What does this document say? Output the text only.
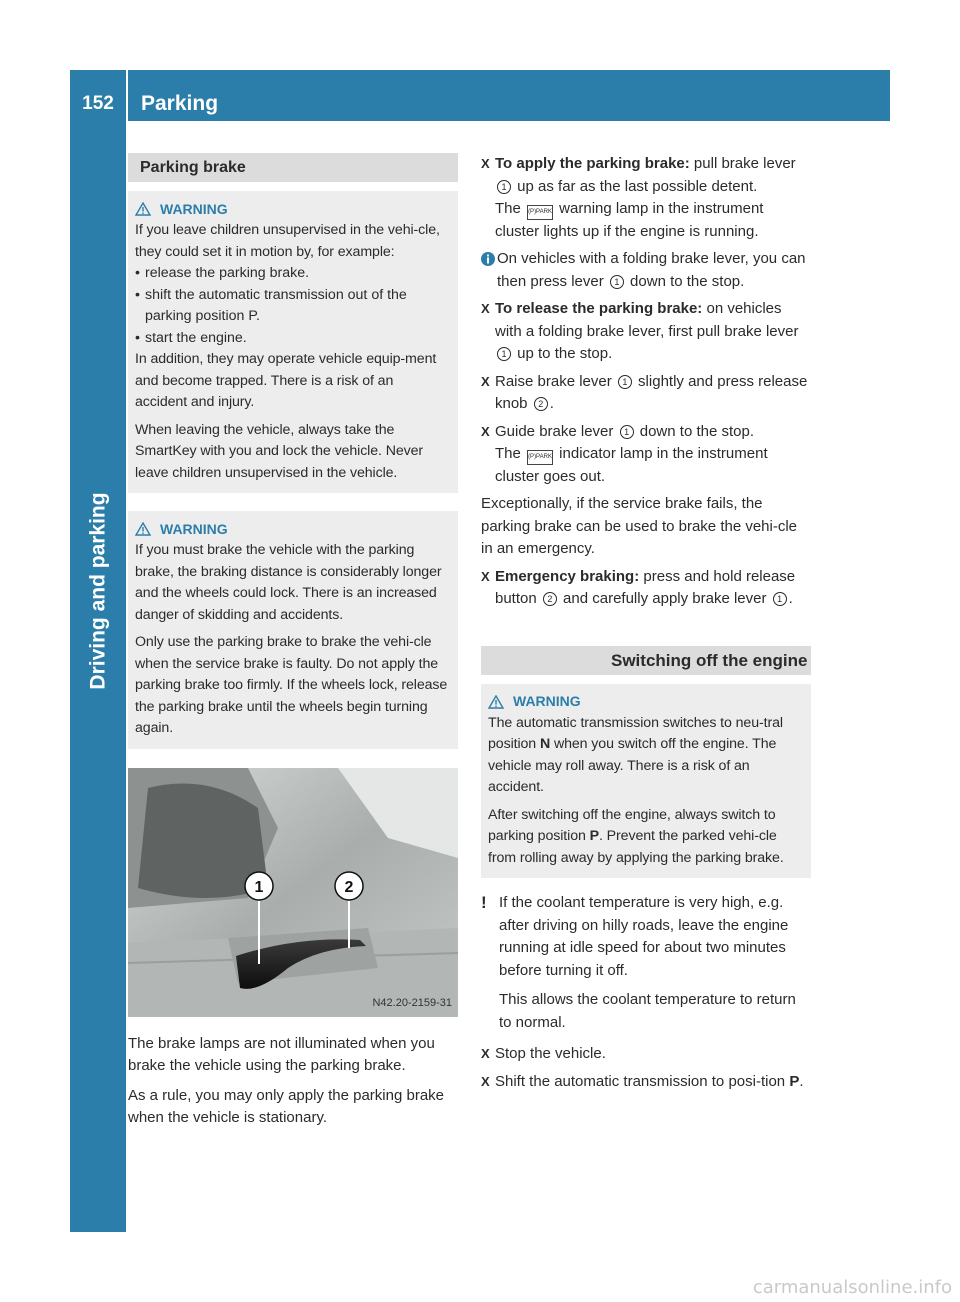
152	Parking
Driving and parking
Parking brake
WARNING

If you leave children unsupervised in the vehi-cle, they could set it in motion by, for example:

• release the parking brake.
• shift the automatic transmission out of the parking position P.
• start the engine.

In addition, they may operate vehicle equip-ment and become trapped. There is a risk of an accident and injury.

When leaving the vehicle, always take the SmartKey with you and lock the vehicle. Never leave children unsupervised in the vehicle.

WARNING

If you must brake the vehicle with the parking brake, the braking distance is considerably longer and the wheels could lock. There is an increased danger of skidding and accidents.

Only use the parking brake to brake the vehi-cle when the service brake is faulty. Do not apply the parking brake too firmly. If the wheels lock, release the parking brake until the wheels begin turning again.

1	2
N42.20-2159-31

The brake lamps are not illuminated when you brake the vehicle using the parking brake.

As a rule, you may only apply the parking brake when the vehicle is stationary.

X To apply the parking brake: pull brake lever 1 up as far as the last possible detent.
The (P)PARK warning lamp in the instrument cluster lights up if the engine is running.
On vehicles with a folding brake lever, you can then press lever 1 down to the stop.
X To release the parking brake: on vehicles with a folding brake lever, first pull brake lever 1 up to the stop.
X Raise brake lever 1 slightly and press release knob 2 .
X Guide brake lever 1 down to the stop.
The (P)PARK indicator lamp in the instrument cluster goes out.

Exceptionally, if the service brake fails, the parking brake can be used to brake the vehi-cle in an emergency.

X Emergency braking: press and hold release button 2 and carefully apply brake lever 1 .
Switching off the engine
WARNING

The automatic transmission switches to neu-tral position N when you switch off the engine. The vehicle may roll away. There is a risk of an accident.

After switching off the engine, always switch to parking position P. Prevent the parked vehi-cle from rolling away by applying the parking brake.

! If the coolant temperature is very high, e.g. after driving on hilly roads, leave the engine running at idle speed for about two minutes before turning it off.
This allows the coolant temperature to return to normal.
X Stop the vehicle.
X Shift the automatic transmission to posi-tion P.
carmanualsonline.info
